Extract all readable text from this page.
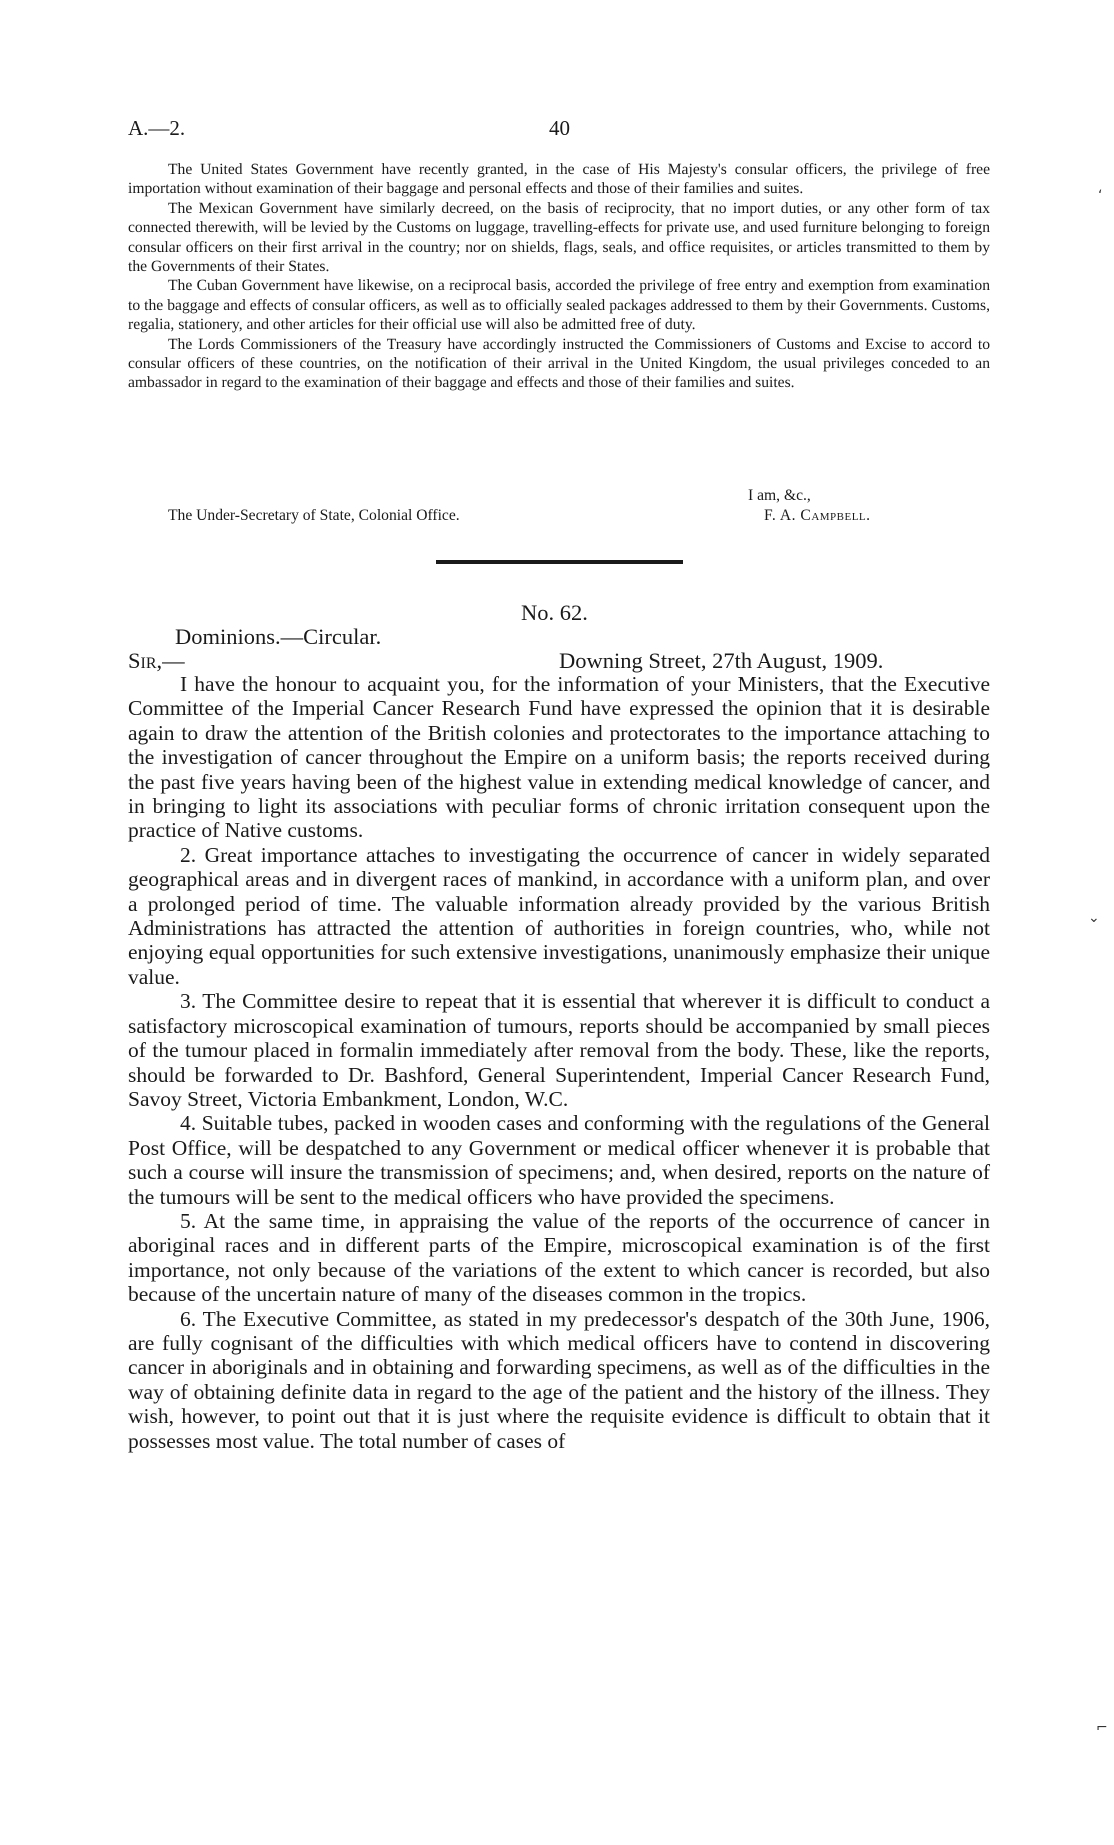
A.—2.	40

The United States Government have recently granted, in the case of His Majesty's consular officers, the privilege of free importation without examination of their baggage and personal effects and those of their families and suites.

The Mexican Government have similarly decreed, on the basis of reciprocity, that no import duties, or any other form of tax connected therewith, will be levied by the Customs on luggage, travelling-effects for private use, and used furniture belonging to foreign consular officers on their first arrival in the country; nor on shields, flags, seals, and office requisites, or articles transmitted to them by the Governments of their States.

The Cuban Government have likewise, on a reciprocal basis, accorded the privilege of free entry and exemption from examination to the baggage and effects of consular officers, as well as to officially sealed packages addressed to them by their Governments. Customs, regalia, stationery, and other articles for their official use will also be admitted free of duty.

The Lords Commissioners of the Treasury have accordingly instructed the Commissioners of Customs and Excise to accord to consular officers of these countries, on the notification of their arrival in the United Kingdom, the usual privileges conceded to an ambassador in regard to the examination of their baggage and effects and those of their families and suites.

I am, &c.,
The Under-Secretary of State, Colonial Office.	F. A. Campbell.
No. 62.
Dominions.—Circular.
Sir,—	Downing Street, 27th August, 1909.

I have the honour to acquaint you, for the information of your Ministers, that the Executive Committee of the Imperial Cancer Research Fund have expressed the opinion that it is desirable again to draw the attention of the British colonies and protectorates to the importance attaching to the investigation of cancer throughout the Empire on a uniform basis; the reports received during the past five years having been of the highest value in extending medical knowledge of cancer, and in bringing to light its associations with peculiar forms of chronic irritation consequent upon the practice of Native customs.

2. Great importance attaches to investigating the occurrence of cancer in widely separated geographical areas and in divergent races of mankind, in accordance with a uniform plan, and over a prolonged period of time. The valuable information already provided by the various British Administrations has attracted the attention of authorities in foreign countries, who, while not enjoying equal opportunities for such extensive investigations, unanimously emphasize their unique value.

3. The Committee desire to repeat that it is essential that wherever it is difficult to conduct a satisfactory microscopical examination of tumours, reports should be accompanied by small pieces of the tumour placed in formalin immediately after removal from the body. These, like the reports, should be forwarded to Dr. Bashford, General Superintendent, Imperial Cancer Research Fund, Savoy Street, Victoria Embankment, London, W.C.

4. Suitable tubes, packed in wooden cases and conforming with the regulations of the General Post Office, will be despatched to any Government or medical officer whenever it is probable that such a course will insure the transmission of specimens; and, when desired, reports on the nature of the tumours will be sent to the medical officers who have provided the specimens.

5. At the same time, in appraising the value of the reports of the occurrence of cancer in aboriginal races and in different parts of the Empire, microscopical examination is of the first importance, not only because of the variations of the extent to which cancer is recorded, but also because of the uncertain nature of many of the diseases common in the tropics.

6. The Executive Committee, as stated in my predecessor's despatch of the 30th June, 1906, are fully cognisant of the difficulties with which medical officers have to contend in discovering cancer in aboriginals and in obtaining and forwarding specimens, as well as of the difficulties in the way of obtaining definite data in regard to the age of the patient and the history of the illness. They wish, however, to point out that it is just where the requisite evidence is difficult to obtain that it possesses most value. The total number of cases of

‘
⌄
⌐
